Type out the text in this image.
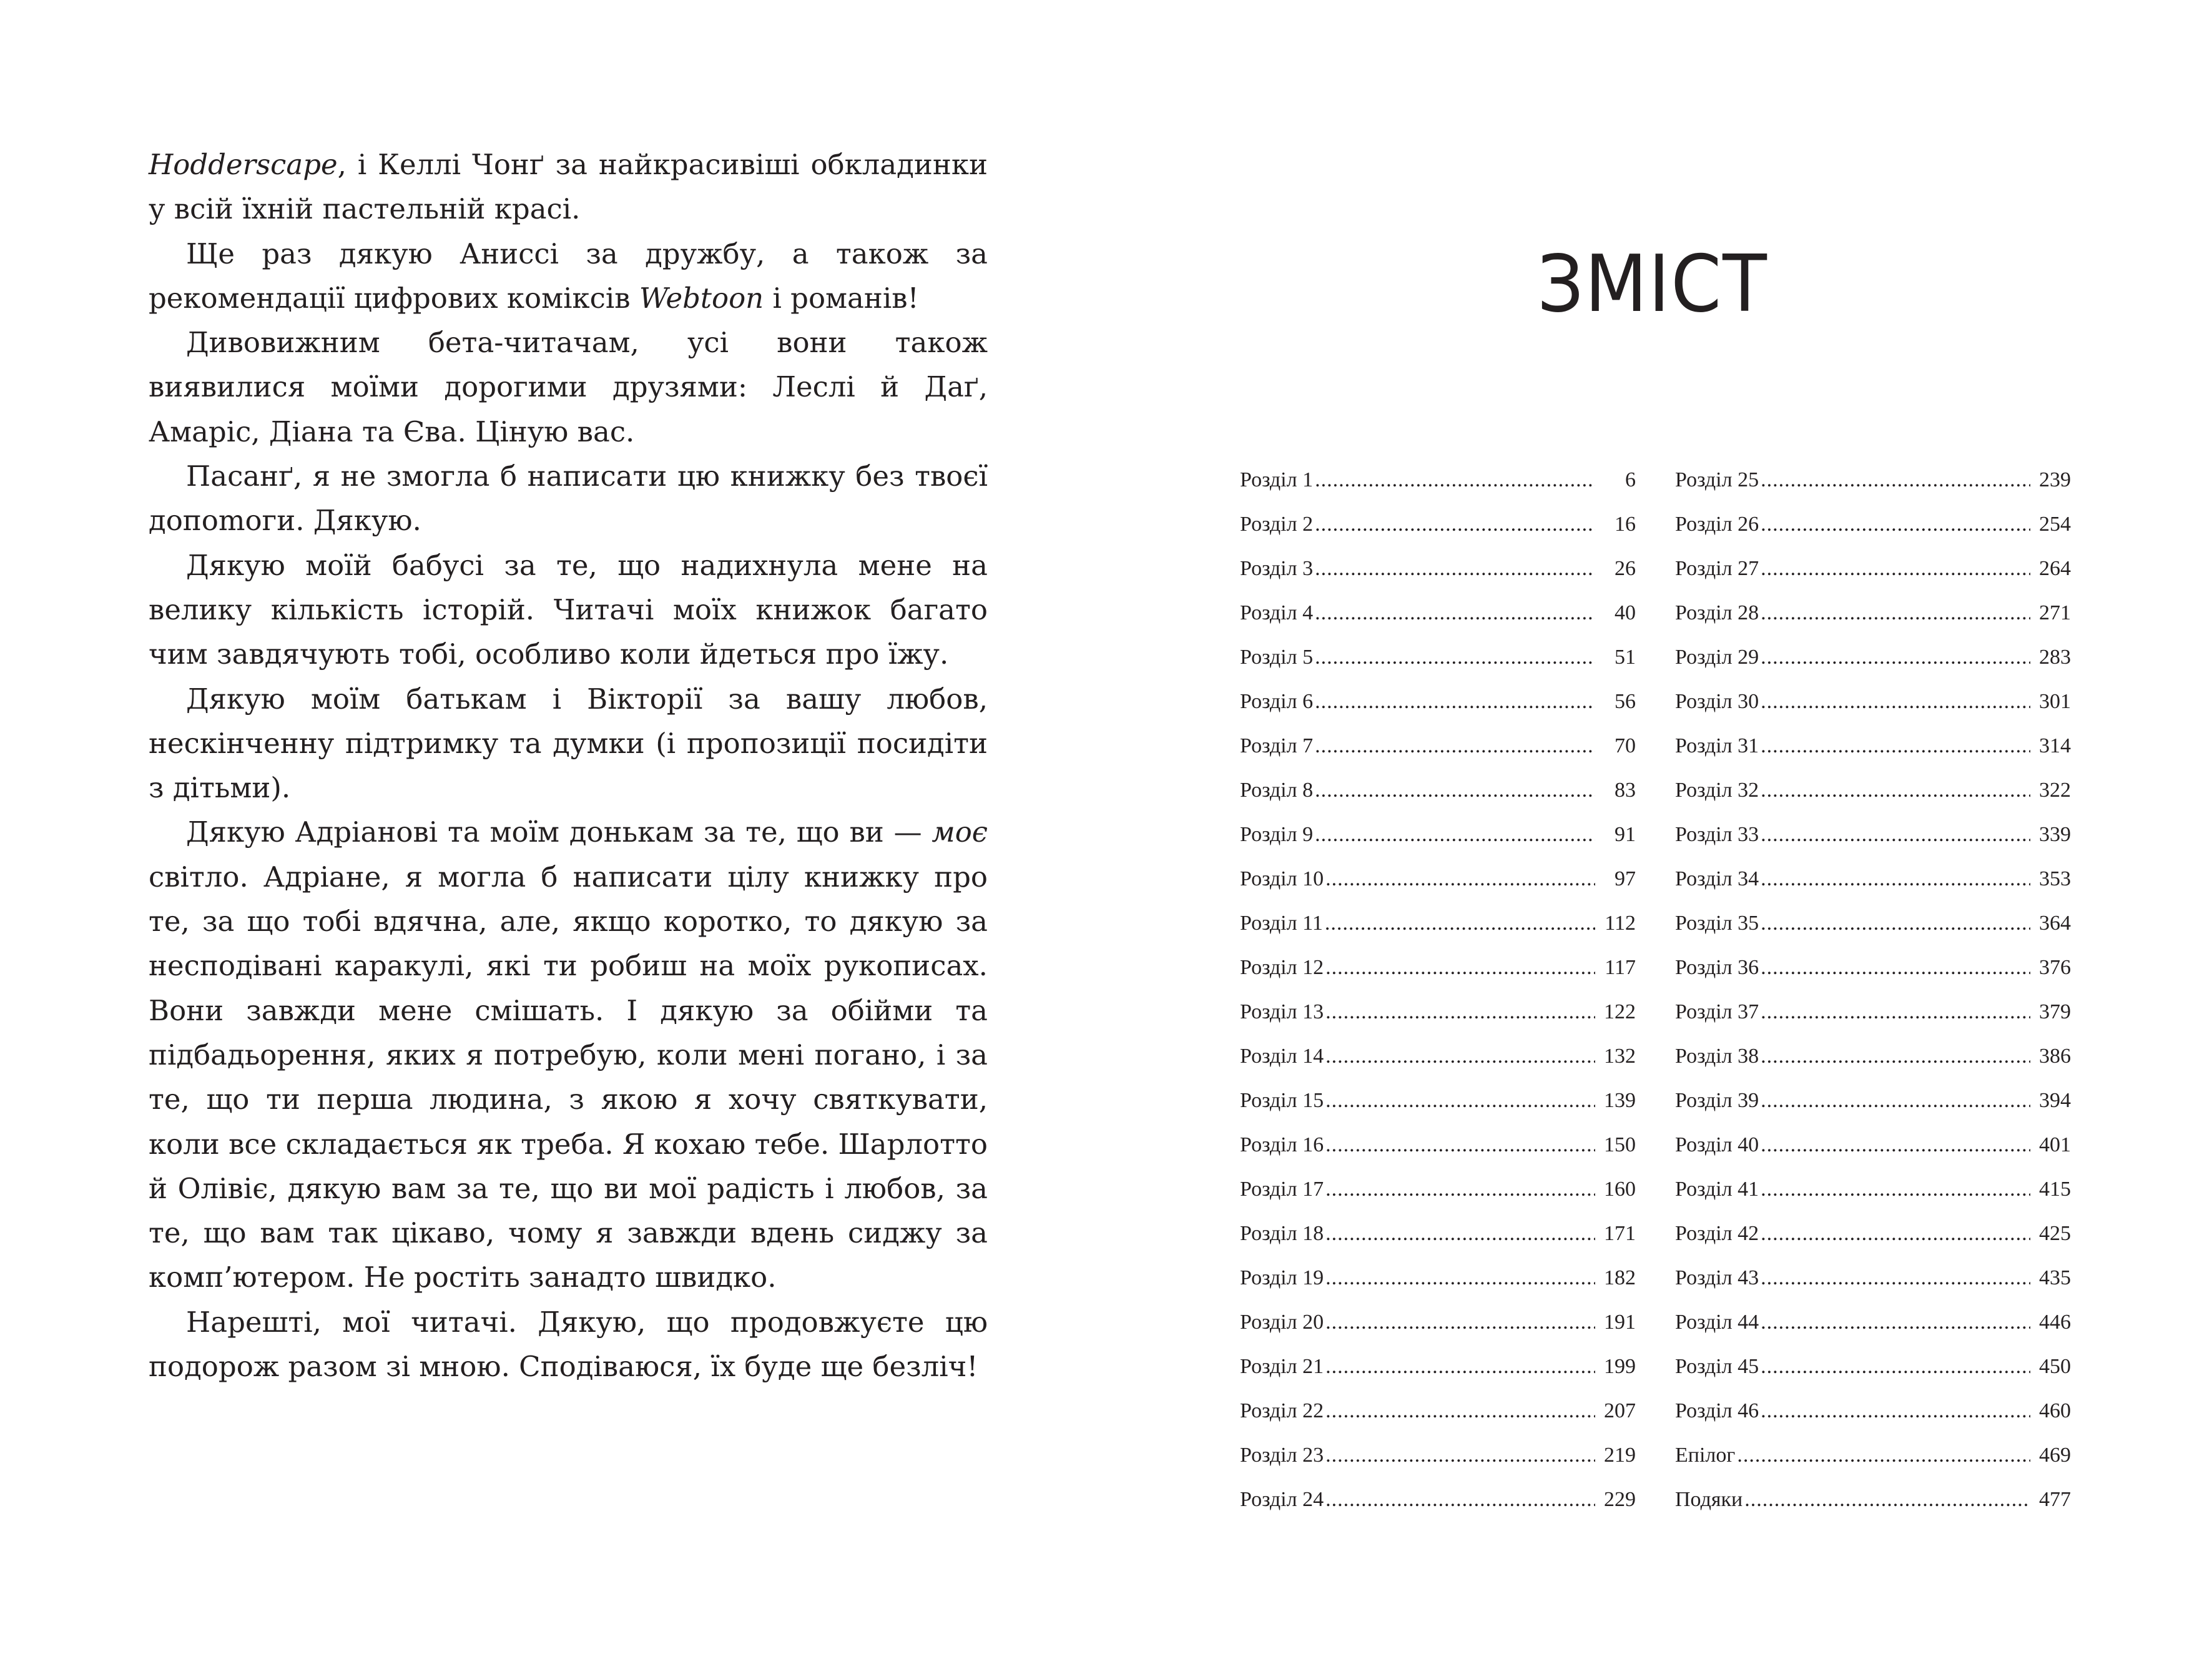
Hodderscape, і Келлі Чонґ за найкрасивіші обкладинки у всій їхній пастельній красі.

Ще раз дякую Аниссі за дружбу, а також за рекомендації цифрових коміксів Webtoon і романів!

Дивовижним бета-читачам, усі вони також виявилися моїми дорогими друзями: Леслі й Даґ, Амаріс, Діана та Єва. Ціную вас.

Пасанґ, я не змогла б написати цю книжку без твоєї допоmоги. Дякую.

Дякую моїй бабусі за те, що надихнула мене на велику кількість історій. Читачі моїх книжок багато чим завдячують тобі, особливо коли йдеться про їжу.

Дякую моїм батькам і Вікторії за вашу любов, нескінченну підтримку та думки (і пропозиції посидіти з дітьми).

Дякую Адріанові та моїм донькам за те, що ви — моє світло. Адріане, я могла б написати цілу книжку про те, за що тобі вдячна, але, якщо коротко, то дякую за несподівані каракулі, які ти робиш на моїх рукописах. Вони завжди мене смішать. І дякую за обійми та підбадьорення, яких я потребую, коли мені погано, і за те, що ти перша людина, з якою я хочу святкувати, коли все складається як треба. Я кохаю тебе. Шарлотто й Олівіє, дякую вам за те, що ви мої радість і любов, за те, що вам так цікаво, чому я завжди вдень сиджу за комп’ютером. Не ростіть занадто швидко.

Нарешті, мої читачі. Дякую, що продовжуєте цю подорож разом зі мною. Сподіваюся, їх буде ще безліч!

ЗМІСТ
Розділ 1 .....	6
Розділ 2 .....	16
Розділ 3 .....	26
Розділ 4 .....	40
Розділ 5 .....	51
Розділ 6 .....	56
Розділ 7 .....	70
Розділ 8 .....	83
Розділ 9 .....	91
Розділ 10 .....	97
Розділ 11 .....	112
Розділ 12 .....	117
Розділ 13 .....	122
Розділ 14 .....	132
Розділ 15 .....	139
Розділ 16 .....	150
Розділ 17 .....	160
Розділ 18 .....	171
Розділ 19 .....	182
Розділ 20 .....	191
Розділ 21 .....	199
Розділ 22 .....	207
Розділ 23 .....	219
Розділ 24 .....	229
Розділ 25 .....	239
Розділ 26 .....	254
Розділ 27 .....	264
Розділ 28 .....	271
Розділ 29 .....	283
Розділ 30 .....	301
Розділ 31 .....	314
Розділ 32 .....	322
Розділ 33 .....	339
Розділ 34 .....	353
Розділ 35 .....	364
Розділ 36 .....	376
Розділ 37 .....	379
Розділ 38 .....	386
Розділ 39 .....	394
Розділ 40 .....	401
Розділ 41 .....	415
Розділ 42 .....	425
Розділ 43 .....	435
Розділ 44 .....	446
Розділ 45 .....	450
Розділ 46 .....	460
Епілог .....	469
Подяки .....	477
